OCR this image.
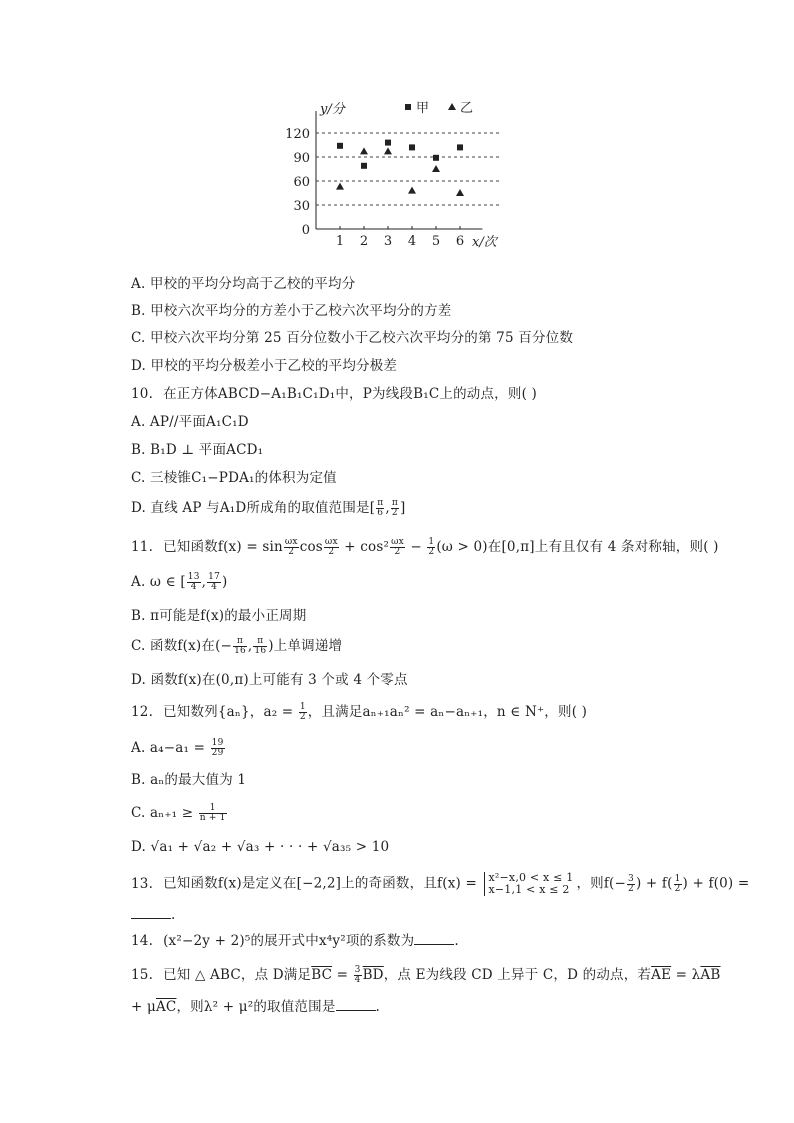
0
30
60
90
120
1 2 3 4 5 6
y/分
x/次
甲 乙
A. 甲校的平均分均高于乙校的平均分
B. 甲校六次平均分的方差小于乙校六次平均分的方差
C. 甲校六次平均分第 25 百分位数小于乙校六次平均分的第 75 百分位数
D. 甲校的平均分极差小于乙校的平均分极差
10. 在正方体ABCD−A₁B₁C₁D₁中，P为线段B₁C上的动点，则( )
A. AP//平面A₁C₁D
B. B₁D ⊥ 平面ACD₁
C. 三棱锥C₁−PDA₁的体积为定值
D. 直线 AP 与A₁D所成角的取值范围是[ $\frac{\pi}{6}$ , $\frac{\pi}{2}$ ]
11. 已知函数$f(x) = \sin \frac{\omega x}{2}$ $\cos \frac{\omega x}{2} + \cos^2 \frac{\omega x}{2} - \frac{1}{2} (\omega > 0)$在[0,π]上有且仅有 4 条对称轴，则( )
A. ω ∈ [ $\frac{13}{4}$ , $\frac{17}{4}$ )
B. π可能是f(x)的最小正周期
C. 函数f(x)在(− $\frac{\pi}{16}$ , $\frac{\pi}{16}$ )上单调递增
D. 函数f(x)在(0,π)上可能有 3 个或 4 个零点
12. 已知数列{aₙ}，$a_2 = \frac{1}{2}$ ，且满足aₙ₊₁aₙ² = aₙ−aₙ₊₁，n ∈ N⁺，则( )
A. $a_4-a_1 = \frac{19}{29}$
B. aₙ的最大值为 1
C. $a_{n+1} \ge \frac{1}{n + 1}$
D. √a₁ + √a₂ + √a₃ + · · · + √a₃₅ > 10
13. 已知函数f(x)是定义在[−2,2]上的奇函数，且f(x) = x²−x,0 < x ≤ 1
x−1,1 < x ≤ 2 ，则$f(- \frac{3}{2}$ ) + $f( \frac{1}{2}$ ) + f(0) =
.
14. (x²−2y + 2)⁵的展开式中x⁴y²项的系数为	.
15. 已知 △ ABC，点 D满足$\overline{BC} = \frac{3}{4} \overline{BD}$，点 E为线段 CD 上异于 C，D 的动点，若$\overline{AE} = \lambda\overline{AB}$
+ $\mu\overline{AC}$，则λ² + μ²的取值范围是	.
